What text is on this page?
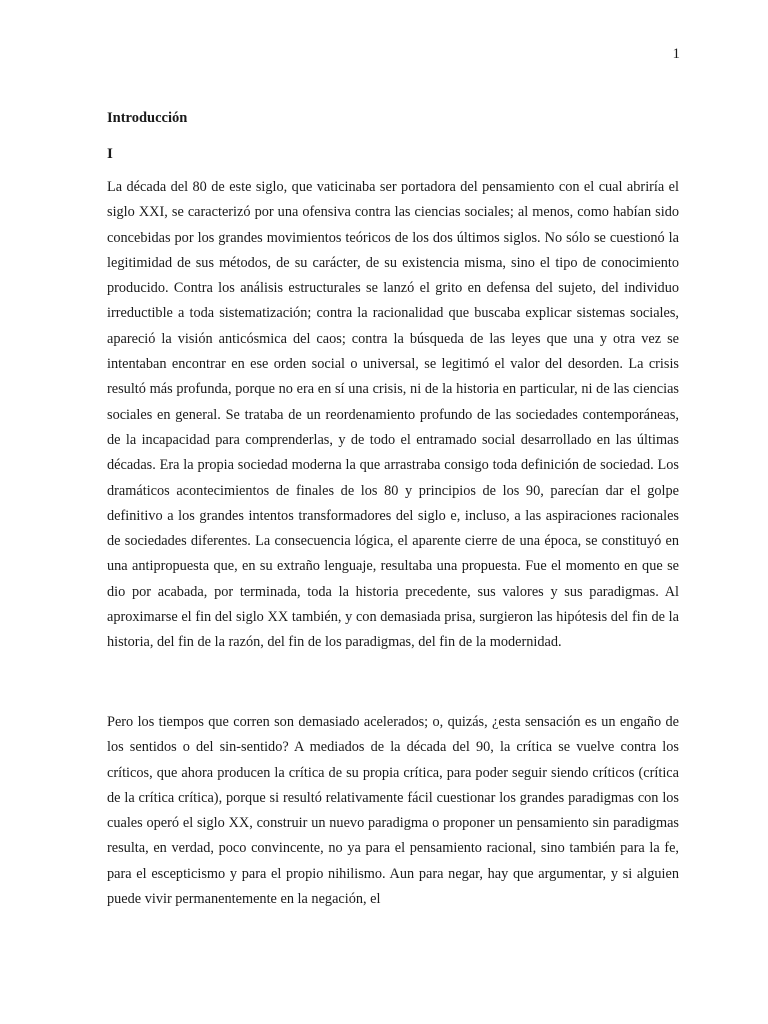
1
Introducción
I

La década del 80 de este siglo, que vaticinaba ser portadora del pensamiento con el cual abriría el siglo XXI, se caracterizó por una ofensiva contra las ciencias sociales; al menos, como habían sido concebidas por los grandes movimientos teóricos de los dos últimos siglos. No sólo se cuestionó la legitimidad de sus métodos, de su carácter, de su existencia misma, sino el tipo de conocimiento producido. Contra los análisis estructurales se lanzó el grito en defensa del sujeto, del individuo irreductible a toda sistematización; contra la racionalidad que buscaba explicar sistemas sociales, apareció la visión anticósmica del caos; contra la búsqueda de las leyes que una y otra vez se intentaban encontrar en ese orden social o universal, se legitimó el valor del desorden. La crisis resultó más profunda, porque no era en sí una crisis, ni de la historia en particular, ni de las ciencias sociales en general. Se trataba de un reordenamiento profundo de las sociedades contemporáneas, de la incapacidad para comprenderlas, y de todo el entramado social desarrollado en las últimas décadas. Era la propia sociedad moderna la que arrastraba consigo toda definición de sociedad. Los dramáticos acontecimientos de finales de los 80 y principios de los 90, parecían dar el golpe definitivo a los grandes intentos transformadores del siglo e, incluso, a las aspiraciones racionales de sociedades diferentes. La consecuencia lógica, el aparente cierre de una época, se constituyó en una antipropuesta que, en su extraño lenguaje, resultaba una propuesta. Fue el momento en que se dio por acabada, por terminada, toda la historia precedente, sus valores y sus paradigmas. Al aproximarse el fin del siglo XX también, y con demasiada prisa, surgieron las hipótesis del fin de la historia, del fin de la razón, del fin de los paradigmas, del fin de la modernidad.

Pero los tiempos que corren son demasiado acelerados; o, quizás, ¿esta sensación es un engaño de los sentidos o del sin-sentido? A mediados de la década del 90, la crítica se vuelve contra los críticos, que ahora producen la crítica de su propia crítica, para poder seguir siendo críticos (crítica de la crítica crítica), porque si resultó relativamente fácil cuestionar los grandes paradigmas con los cuales operó el siglo XX, construir un nuevo paradigma o proponer un pensamiento sin paradigmas resulta, en verdad, poco convincente, no ya para el pensamiento racional, sino también para la fe, para el escepticismo y para el propio nihilismo. Aun para negar, hay que argumentar, y si alguien puede vivir permanentemente en la negación, el
